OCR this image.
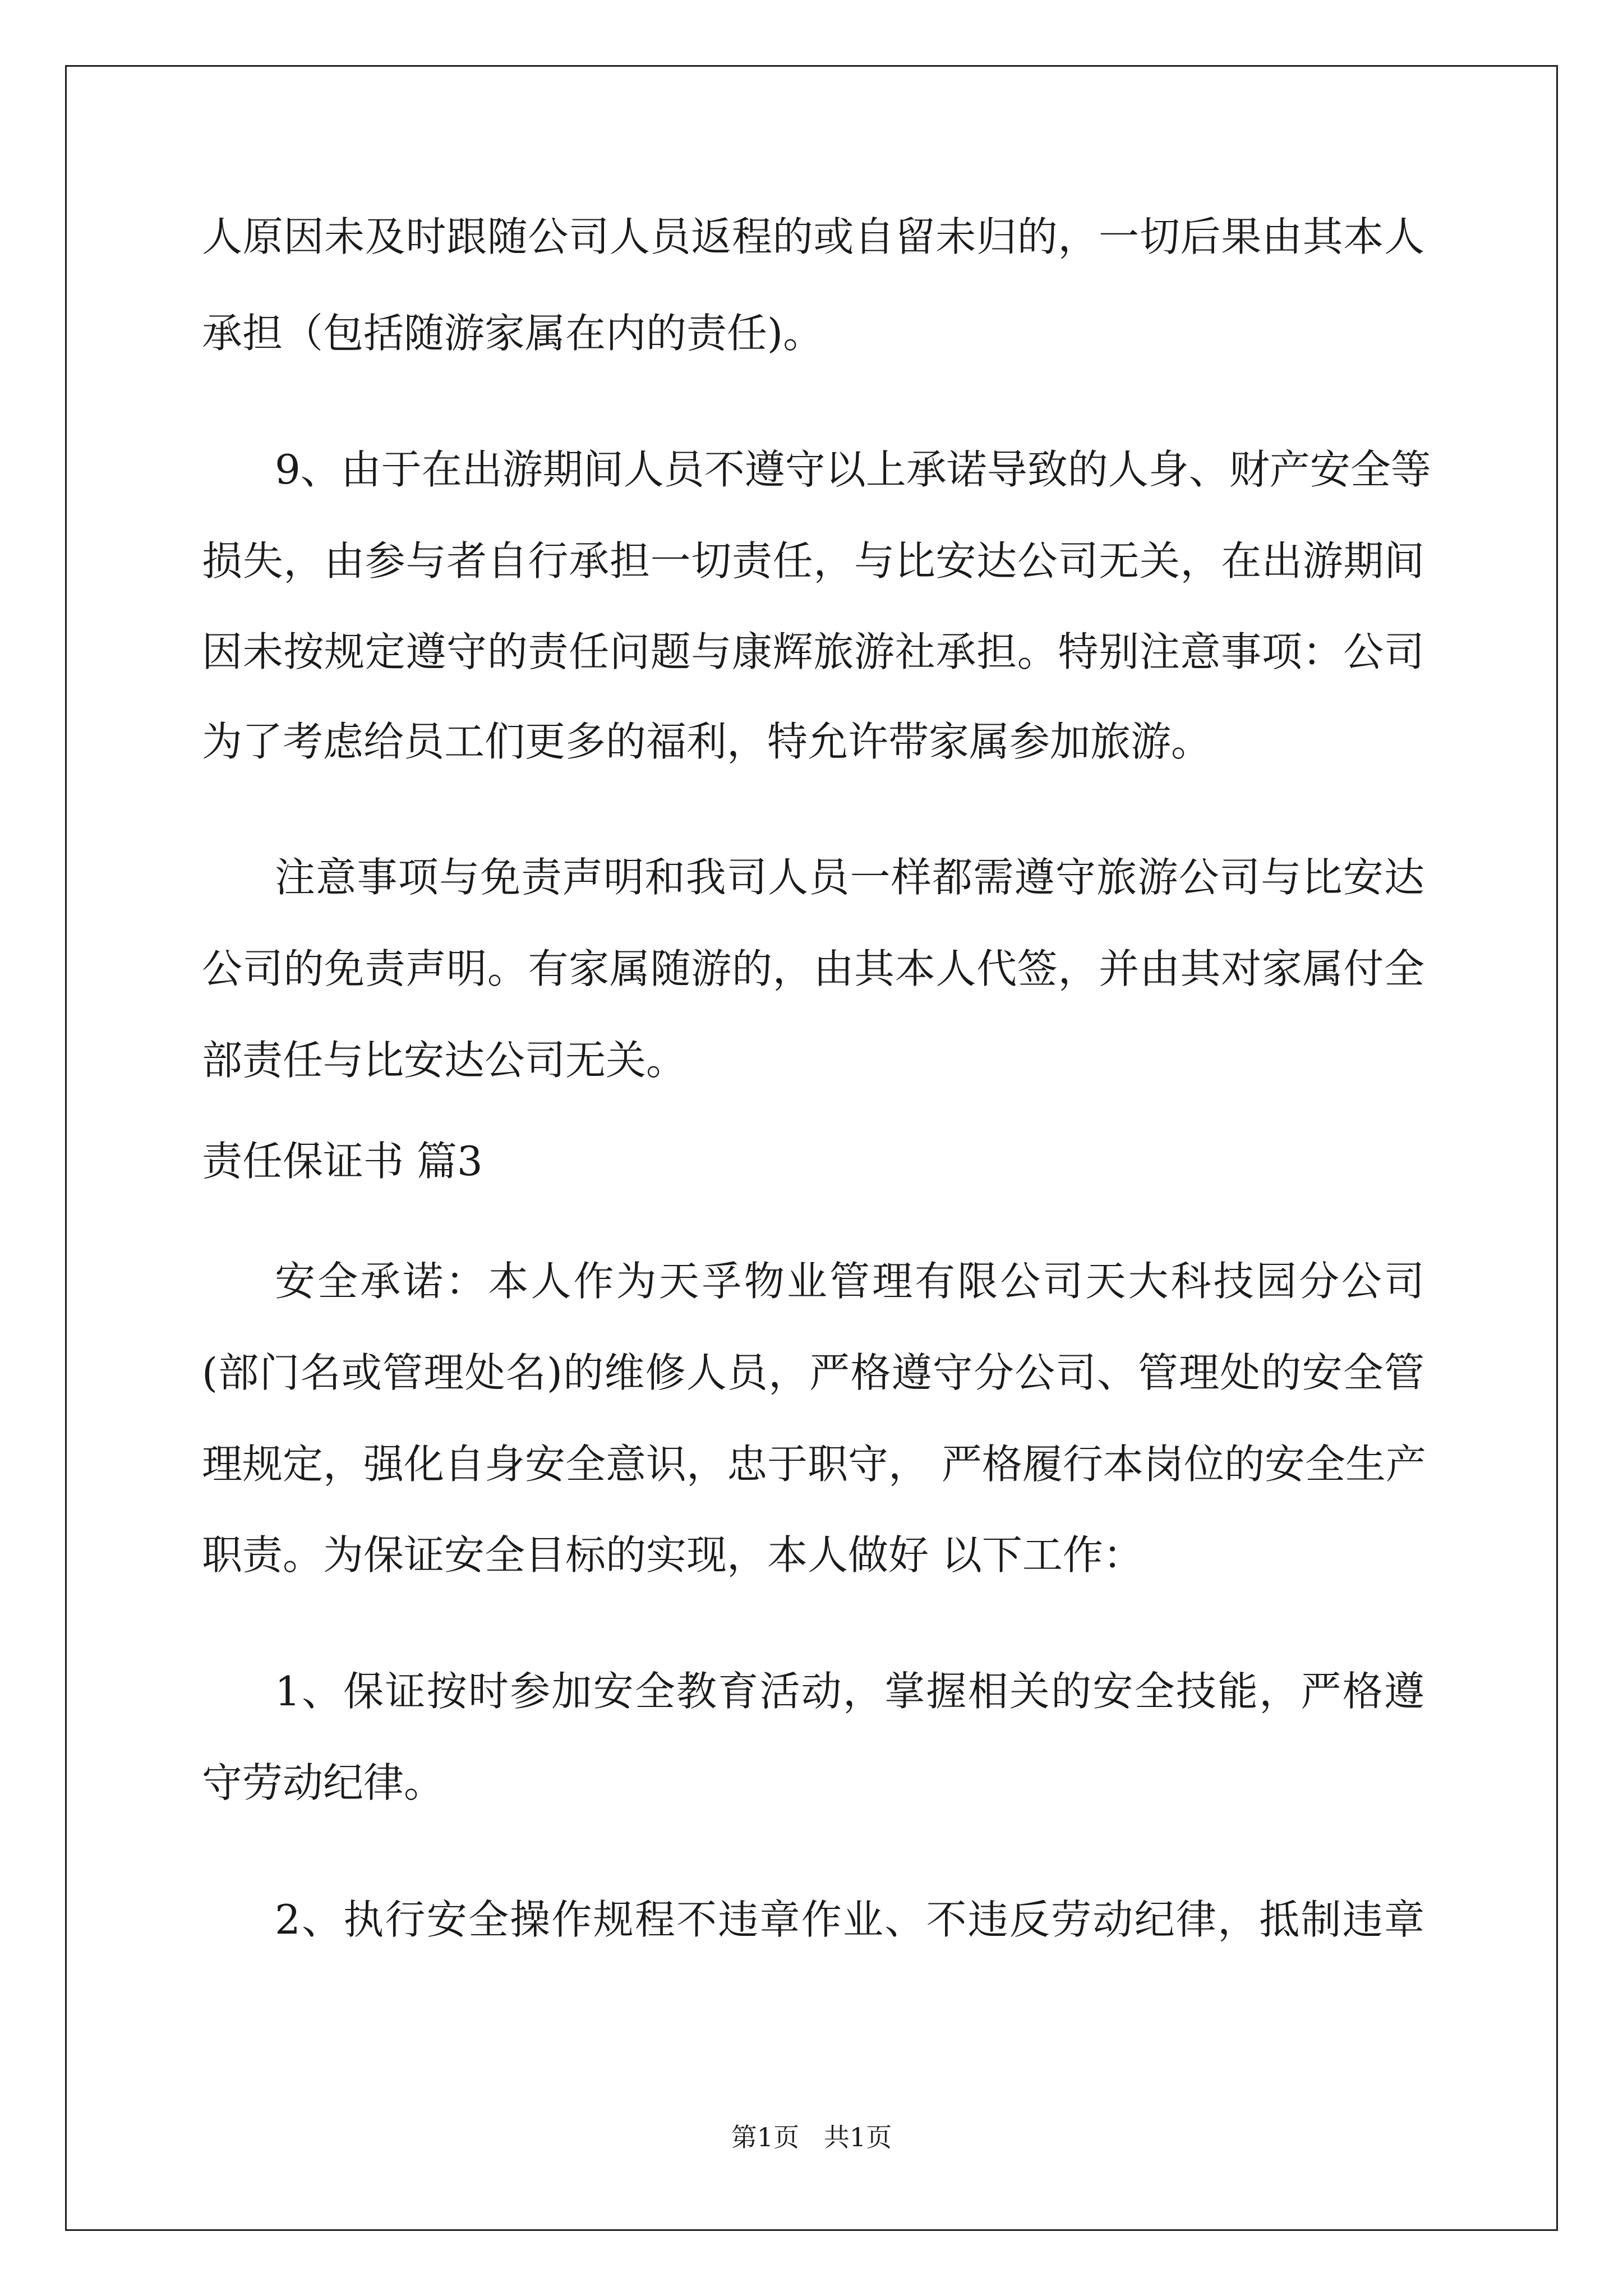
人原因未及时跟随公司人员返程的或自留未归的，一切后果由其本人
承担（包括随游家属在内的责任)。
9、由于在出游期间人员不遵守以上承诺导致的人身、财产安全等
损失，由参与者自行承担一切责任，与比安达公司无关，在出游期间
因未按规定遵守的责任问题与康辉旅游社承担。特别注意事项：公司
为了考虑给员工们更多的福利，特允许带家属参加旅游。
注意事项与免责声明和我司人员一样都需遵守旅游公司与比安达
公司的免责声明。有家属随游的，由其本人代签，并由其对家属付全
部责任与比安达公司无关。
责任保证书 篇3
安全承诺：本人作为天孚物业管理有限公司天大科技园分公司
(部门名或管理处名)的维修人员，严格遵守分公司、管理处的安全管
理规定，强化自身安全意识，忠于职守， 严格履行本岗位的安全生产
职责。为保证安全目标的实现，本人做好 以下工作：
1、保证按时参加安全教育活动，掌握相关的安全技能，严格遵
守劳动纪律。
2、执行安全操作规程不违章作业、不违反劳动纪律，抵制违章
第1页   共1页
